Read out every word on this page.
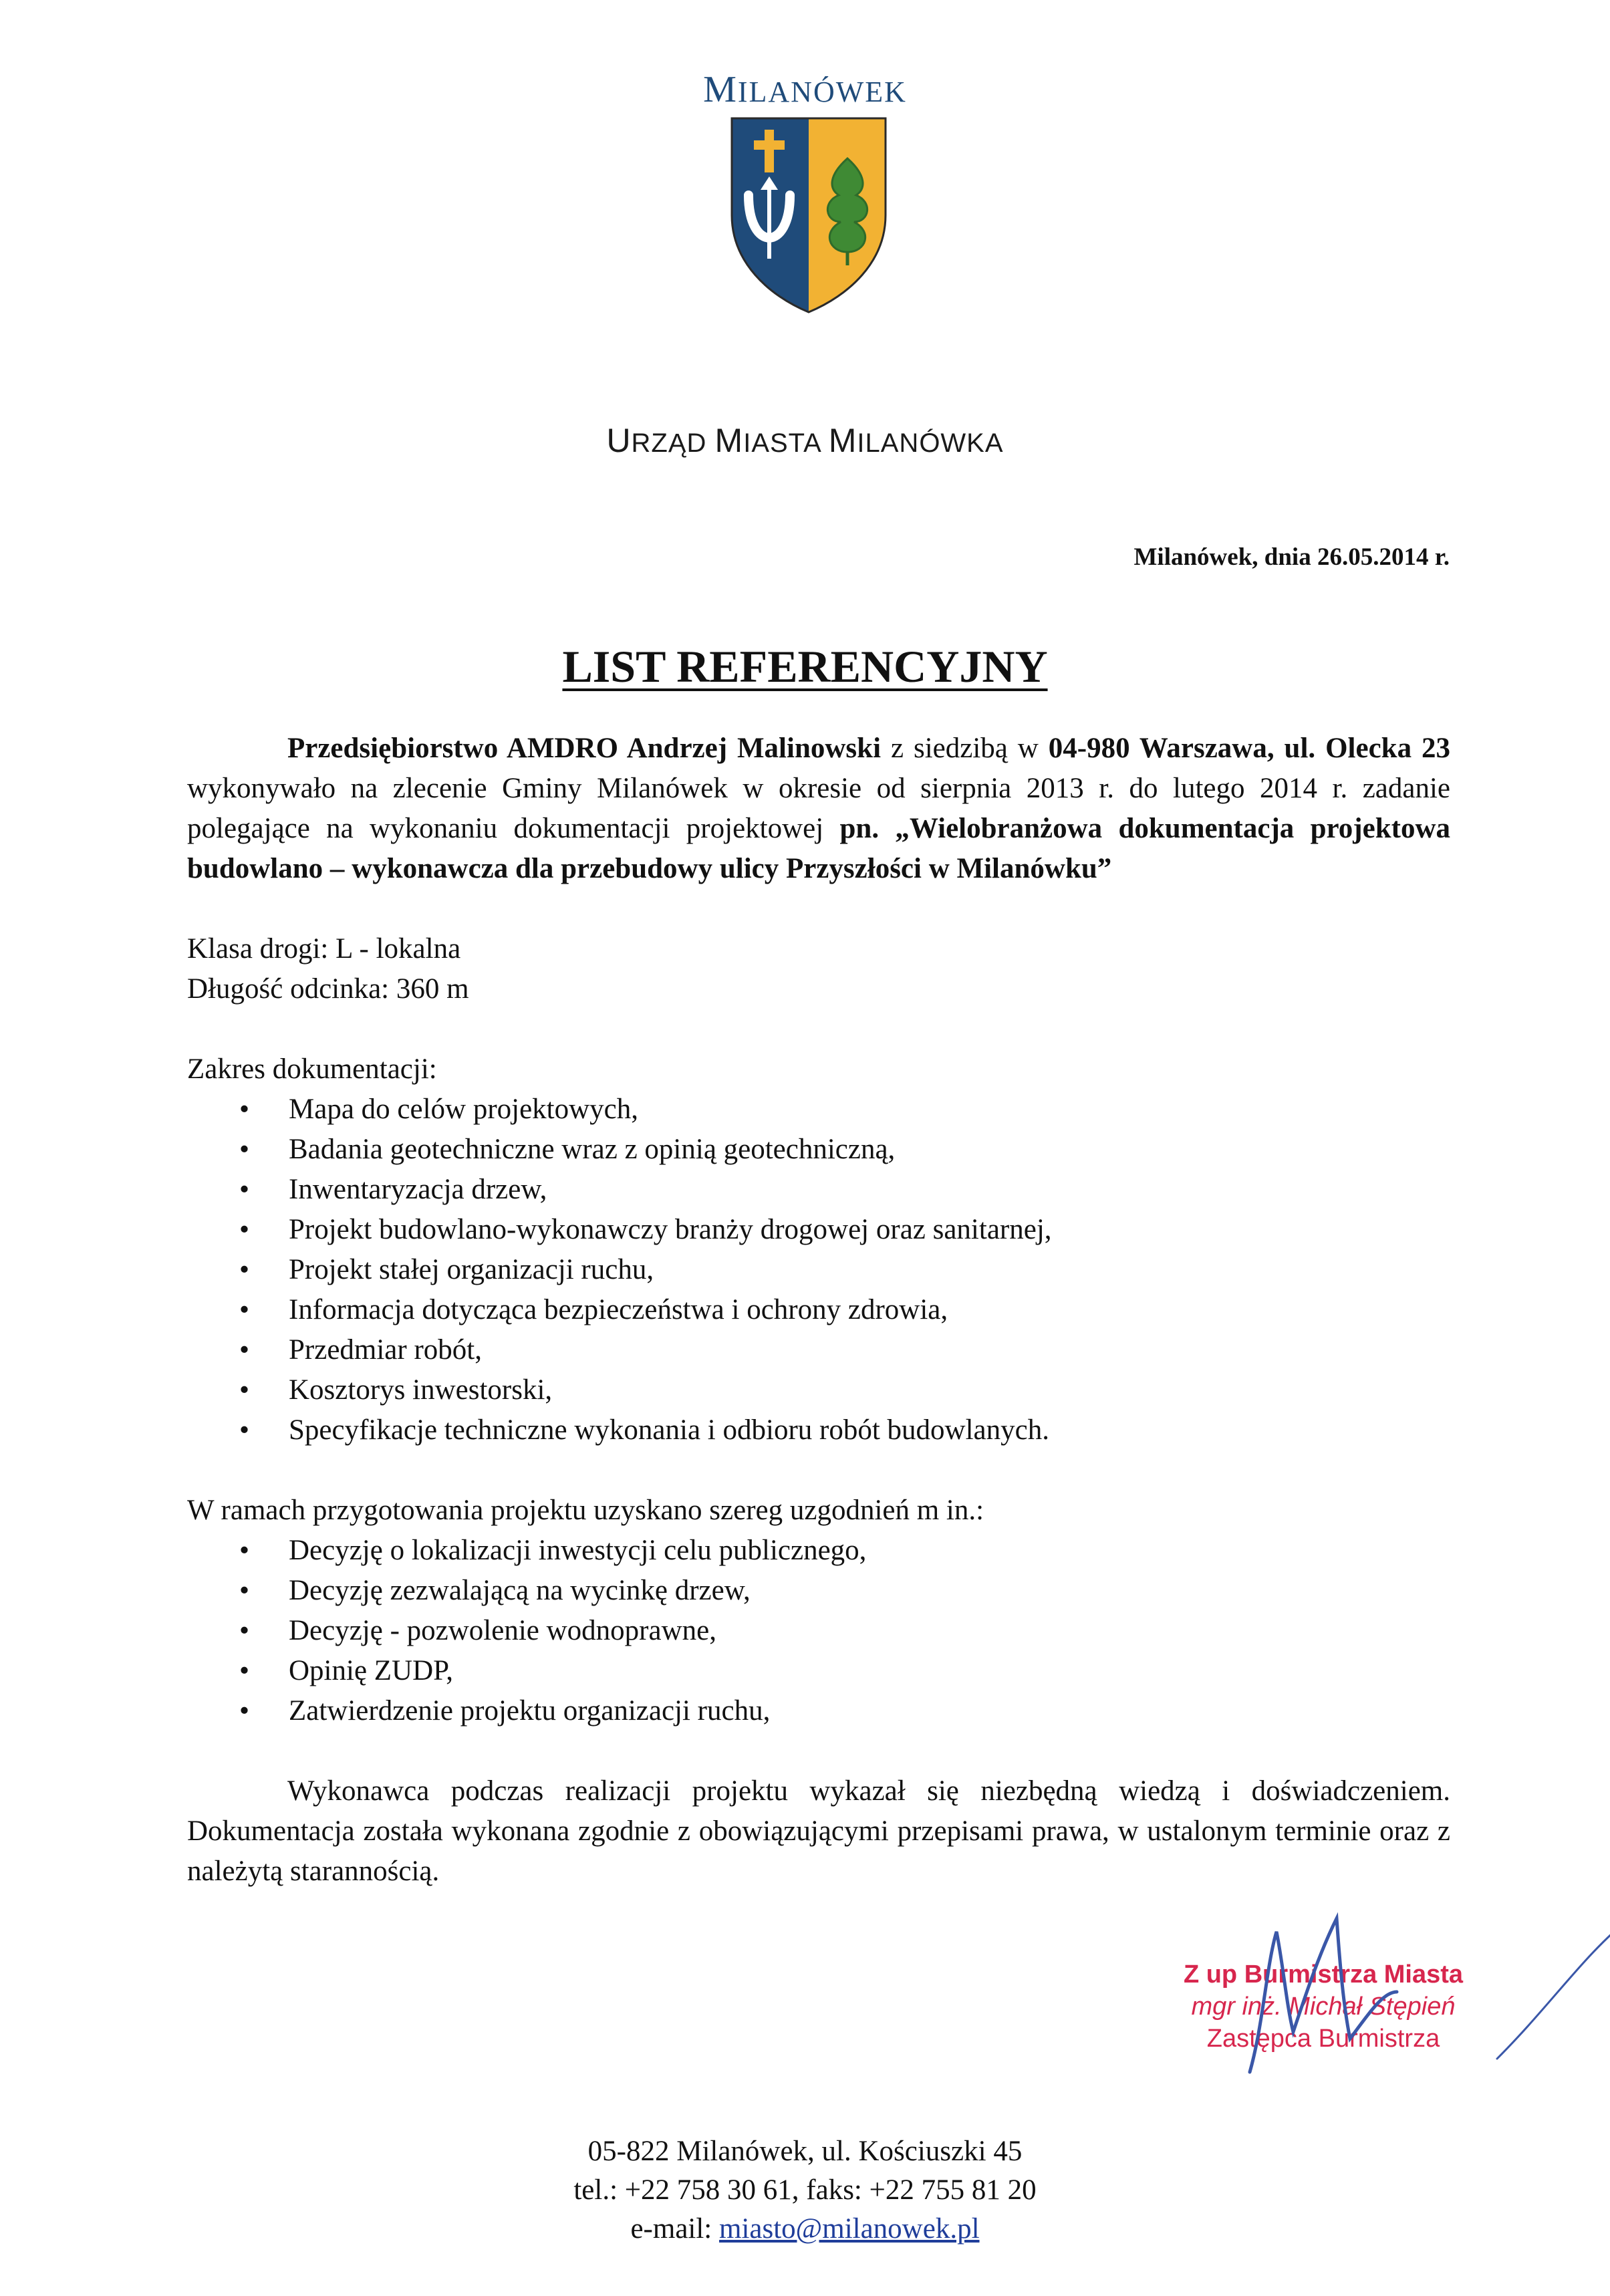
MILANÓWEK
URZĄD MIASTA MILANÓWKA
Milanówek, dnia 26.05.2014 r.
LIST REFERENCYJNY

Przedsiębiorstwo AMDRO Andrzej Malinowski z siedzibą w 04-980 Warszawa, ul. Olecka 23 wykonywało na zlecenie Gminy Milanówek w okresie od sierpnia 2013 r. do lutego 2014 r. zadanie polegające na wykonaniu dokumentacji projektowej pn. „Wielobranżowa dokumentacja projektowa budowlano – wykonawcza dla przebudowy ulicy Przyszłości w Milanówku”

Klasa drogi: L - lokalna

Długość odcinka: 360 m

Zakres dokumentacji:

• Mapa do celów projektowych,
• Badania geotechniczne wraz z opinią geotechniczną,
• Inwentaryzacja drzew,
• Projekt budowlano-wykonawczy branży drogowej oraz sanitarnej,
• Projekt stałej organizacji ruchu,
• Informacja dotycząca bezpieczeństwa i ochrony zdrowia,
• Przedmiar robót,
• Kosztorys inwestorski,
• Specyfikacje techniczne wykonania i odbioru robót budowlanych.

W ramach przygotowania projektu uzyskano szereg uzgodnień m in.:

• Decyzję o lokalizacji inwestycji celu publicznego,
• Decyzję zezwalającą na wycinkę drzew,
• Decyzję - pozwolenie wodnoprawne,
• Opinię ZUDP,
• Zatwierdzenie projektu organizacji ruchu,

Wykonawca podczas realizacji projektu wykazał się niezbędną wiedzą i doświadczeniem. Dokumentacja została wykonana zgodnie z obowiązującymi przepisami prawa, w ustalonym terminie oraz z należytą starannością.

Z up Burmistrza Miasta
mgr inż. Michał Stępień
Zastępca Burmistrza
05-822 Milanówek, ul. Kościuszki 45
tel.: +22 758 30 61, faks: +22 755 81 20
e-mail: miasto@milanowek.pl
